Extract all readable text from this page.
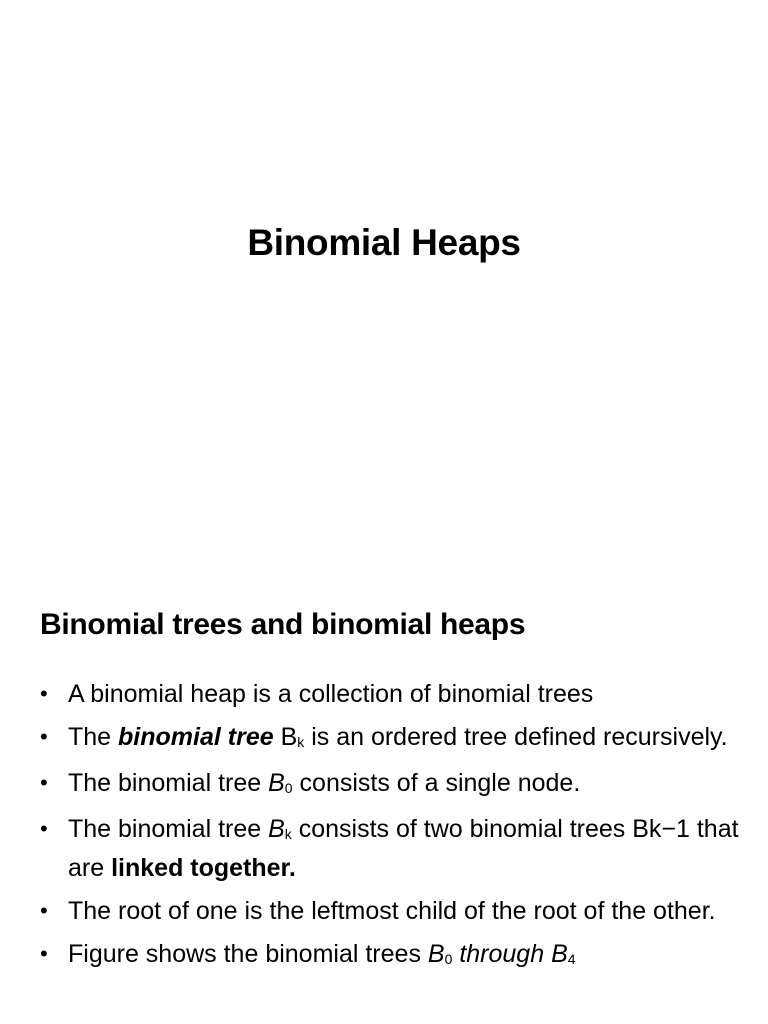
Binomial Heaps
Binomial trees and binomial heaps
• A binomial heap is a collection of binomial trees
• The binomial tree $B_k$ is an ordered tree defined recursively.
• The binomial tree $B_0$ consists of a single node.
• The binomial tree $B_k$ consists of two binomial trees Bk−1 that are linked together.
• The root of one is the leftmost child of the root of the other.
• Figure shows the binomial trees $B_0$ through $B_4$
